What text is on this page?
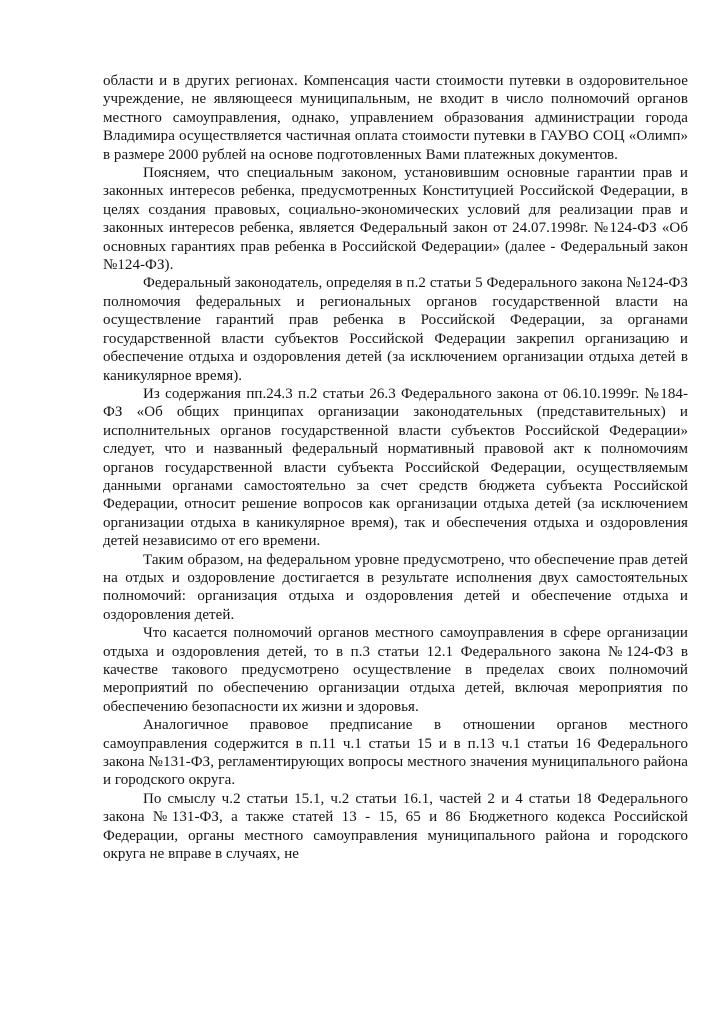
области и в других регионах. Компенсация части стоимости путевки в оздоровительное учреждение, не являющееся муниципальным, не входит в число полномочий органов местного самоуправления, однако, управлением образования администрации города Владимира осуществляется частичная оплата стоимости путевки в ГАУВО СОЦ «Олимп» в размере 2000 рублей на основе подготовленных Вами платежных документов.

Поясняем, что специальным законом, установившим основные гарантии прав и законных интересов ребенка, предусмотренных Конституцией Российской Федерации, в целях создания правовых, социально-экономических условий для реализации прав и законных интересов ребенка, является Федеральный закон от 24.07.1998г. №124-ФЗ «Об основных гарантиях прав ребенка в Российской Федерации» (далее - Федеральный закон №124-ФЗ).

Федеральный законодатель, определяя в п.2 статьи 5 Федерального закона №124-ФЗ полномочия федеральных и региональных органов государственной власти на осуществление гарантий прав ребенка в Российской Федерации, за органами государственной власти субъектов Российской Федерации закрепил организацию и обеспечение отдыха и оздоровления детей (за исключением организации отдыха детей в каникулярное время).

Из содержания пп.24.3 п.2 статьи 26.3 Федерального закона от 06.10.1999г. №184-ФЗ «Об общих принципах организации законодательных (представительных) и исполнительных органов государственной власти субъектов Российской Федерации» следует, что и названный федеральный нормативный правовой акт к полномочиям органов государственной власти субъекта Российской Федерации, осуществляемым данными органами самостоятельно за счет средств бюджета субъекта Российской Федерации, относит решение вопросов как организации отдыха детей (за исключением организации отдыха в каникулярное время), так и обеспечения отдыха и оздоровления детей независимо от его времени.

Таким образом, на федеральном уровне предусмотрено, что обеспечение прав детей на отдых и оздоровление достигается в результате исполнения двух самостоятельных полномочий: организация отдыха и оздоровления детей и обеспечение отдыха и оздоровления детей.

Что касается полномочий органов местного самоуправления в сфере организации отдыха и оздоровления детей, то в п.3 статьи 12.1 Федерального закона №124-ФЗ в качестве такового предусмотрено осуществление в пределах своих полномочий мероприятий по обеспечению организации отдыха детей, включая мероприятия по обеспечению безопасности их жизни и здоровья.

Аналогичное правовое предписание в отношении органов местного самоуправления содержится в п.11 ч.1 статьи 15 и в п.13 ч.1 статьи 16 Федерального закона №131-ФЗ, регламентирующих вопросы местного значения муниципального района и городского округа.

По смыслу ч.2 статьи 15.1, ч.2 статьи 16.1, частей 2 и 4 статьи 18 Федерального закона №131-ФЗ, а также статей 13 - 15, 65 и 86 Бюджетного кодекса Российской Федерации, органы местного самоуправления муниципального района и городского округа не вправе в случаях, не
